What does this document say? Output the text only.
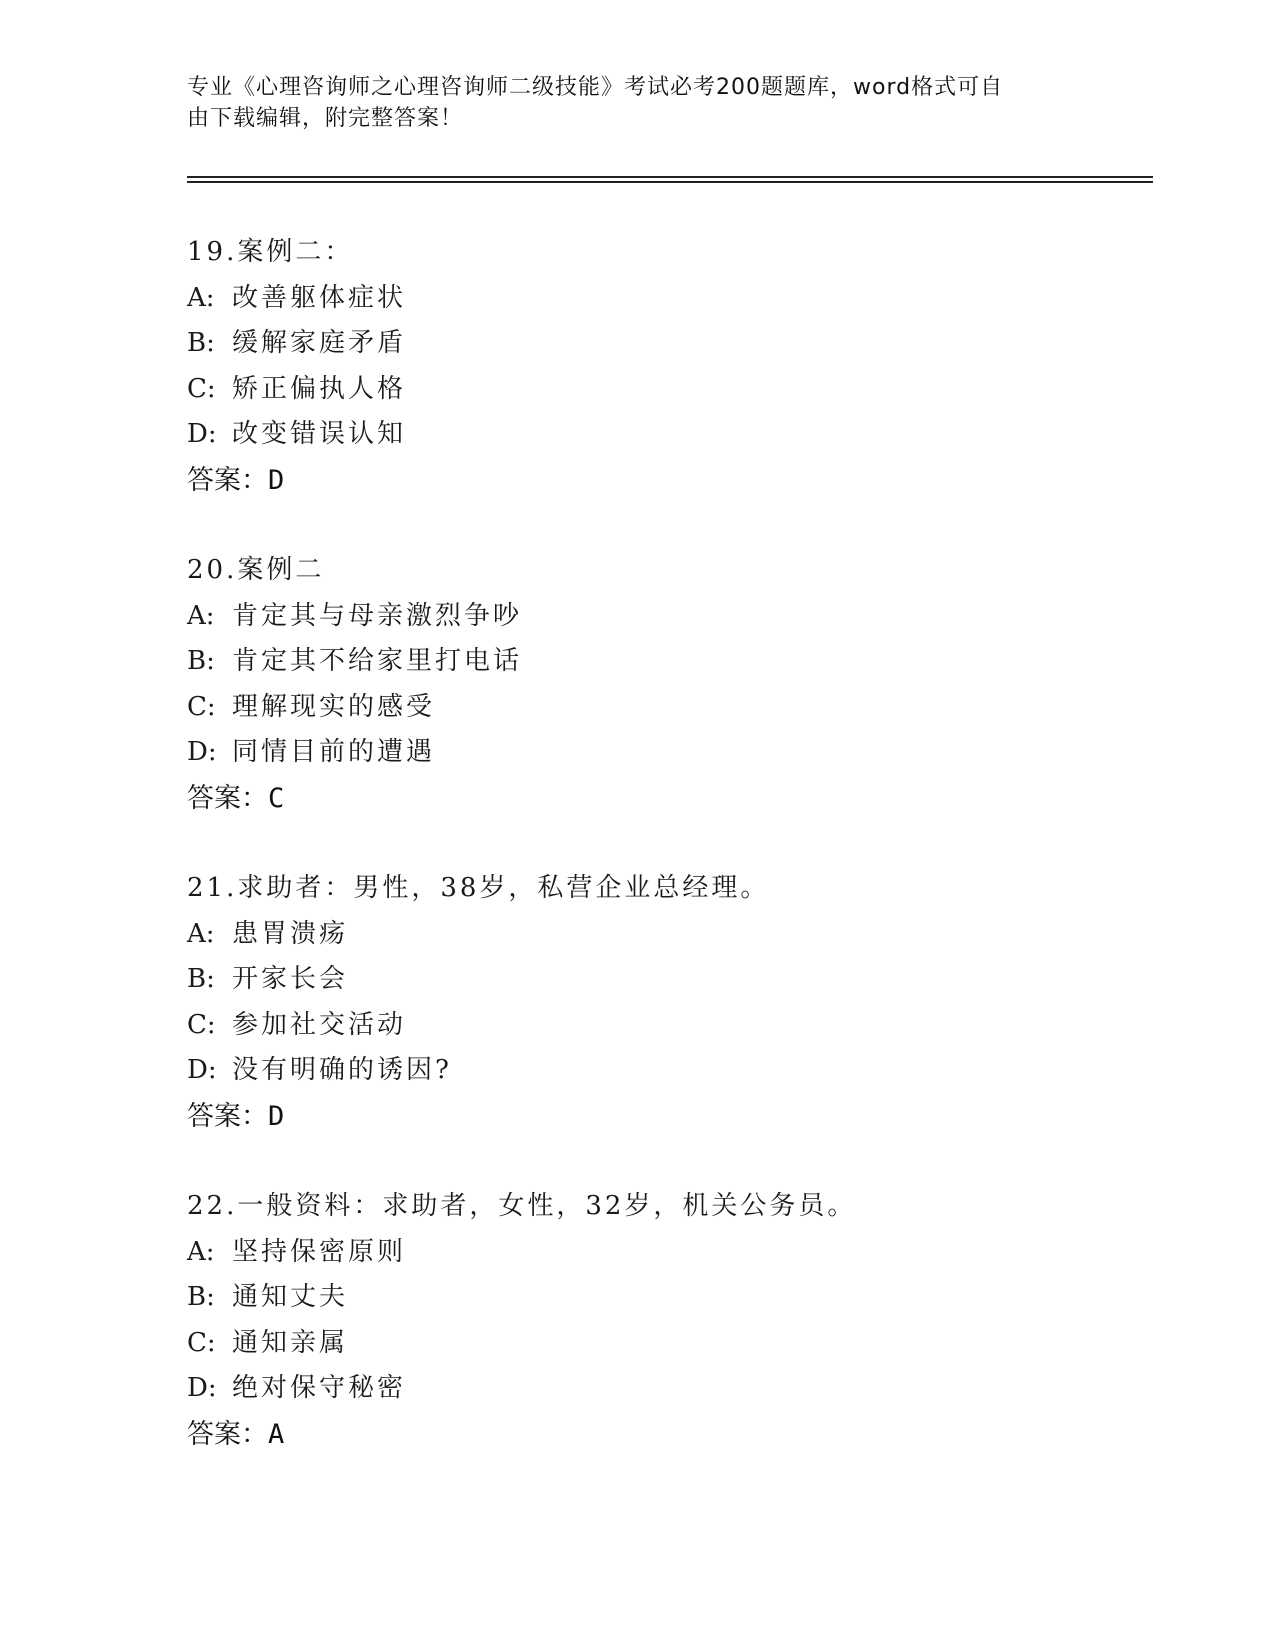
专业《心理咨询师之心理咨询师二级技能》考试必考200题题库，word格式可自
由下载编辑，附完整答案！
19.案例二：
A: 改善躯体症状
B: 缓解家庭矛盾
C: 矫正偏执人格
D: 改变错误认知
答案：D
20.案例二
A: 肯定其与母亲激烈争吵
B: 肯定其不给家里打电话
C: 理解现实的感受
D: 同情目前的遭遇
答案：C
21.求助者：男性，38岁，私营企业总经理。
A: 患胃溃疡
B: 开家长会
C: 参加社交活动
D: 没有明确的诱因?
答案：D
22.一般资料：求助者，女性，32岁，机关公务员。
A: 坚持保密原则
B: 通知丈夫
C: 通知亲属
D: 绝对保守秘密
答案：A
